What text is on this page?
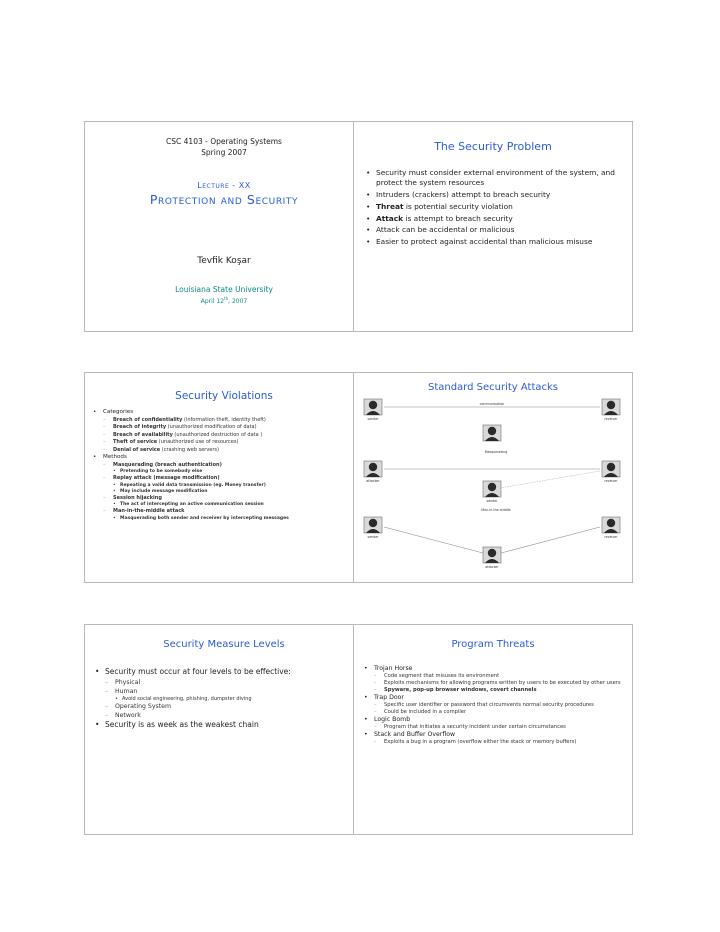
CSC 4103 - Operating Systems
Spring 2007
Lecture - XX
Protection and Security
Tevfik Koşar
Louisiana State University
April 12th, 2007
The Security Problem
• Security must consider external environment of the system, and protect the system resources
• Intruders (crackers) attempt to breach security
• Threat is potential security violation
• Attack is attempt to breach security
• Attack can be accidental or malicious
• Easier to protect against accidental than malicious misuse
Security Violations
• Categories
– Breach of confidentiality (information theft, identity theft)
– Breach of integrity (unauthorized modification of data)
– Breach of availability (unauthorized destruction of data )
– Theft of service (unauthorized use of resources)
– Denial of service (crashing web servers)
• Methods
– Masquerading (breach authentication)
• Pretending to be somebody else
– Replay attack (message modification)
• Repeating a valid data transmission (eg. Money transfer)
• May include message modification
– Session hijacking
• The act of intercepting an active communication session
– Man-in-the-middle attack
• Masquerading both sender and receiver by intercepting messages
Standard Security Attacks
communication
sender	receiver
Masquerading
attacker	receiver
sender
Man-in-the-middle
sender	receiver
attacker
Security Measure Levels
• Security must occur at four levels to be effective:
– Physical
– Human
• Avoid social engineering, phishing, dumpster diving
– Operating System
– Network
• Security is as week as the weakest chain
Program Threats
• Trojan Horse
– Code segment that misuses its environment
– Exploits mechanisms for allowing programs written by users to be executed by other users
– Spyware, pop-up browser windows, covert channels
• Trap Door
– Specific user identifier or password that circumvents normal security procedures
– Could be included in a compiler
• Logic Bomb
– Program that initiates a security incident under certain circumstances
• Stack and Buffer Overflow
– Exploits a bug in a program (overflow either the stack or memory buffers)
